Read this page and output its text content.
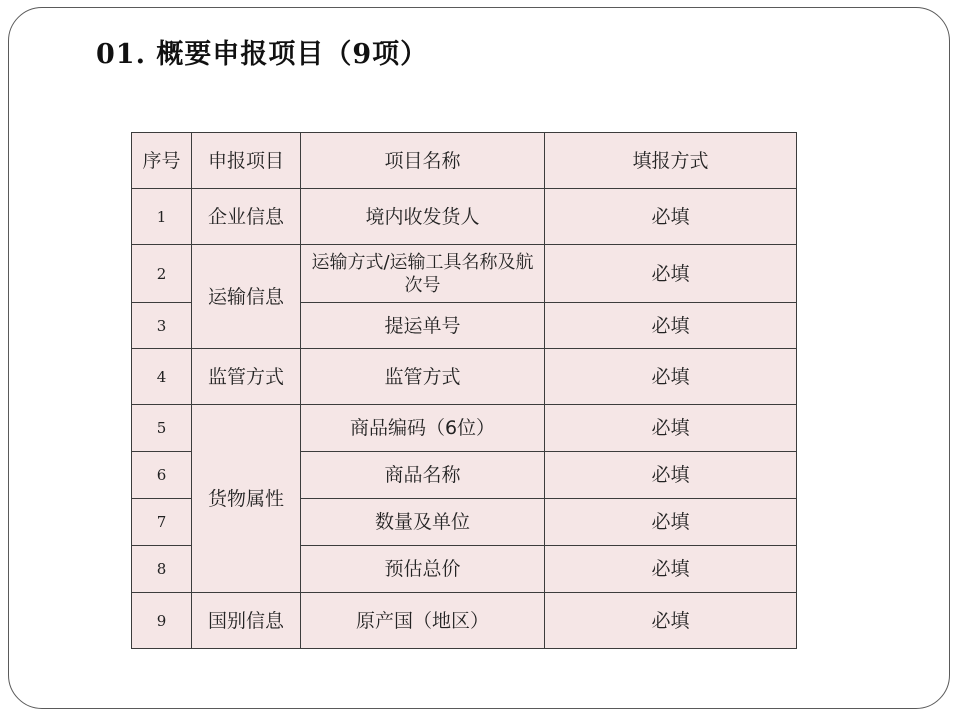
01. 概要申报项目（9项）
序号	申报项目	项目名称	填报方式
1	企业信息	境内收发货人	必填
2	运输信息	运输方式/运输工具名称及航次号	必填
3		提运单号	必填
4	监管方式	监管方式	必填
5	货物属性	商品编码（6位）	必填
6		商品名称	必填
7		数量及单位	必填
8		预估总价	必填
9	国别信息	原产国（地区）	必填
